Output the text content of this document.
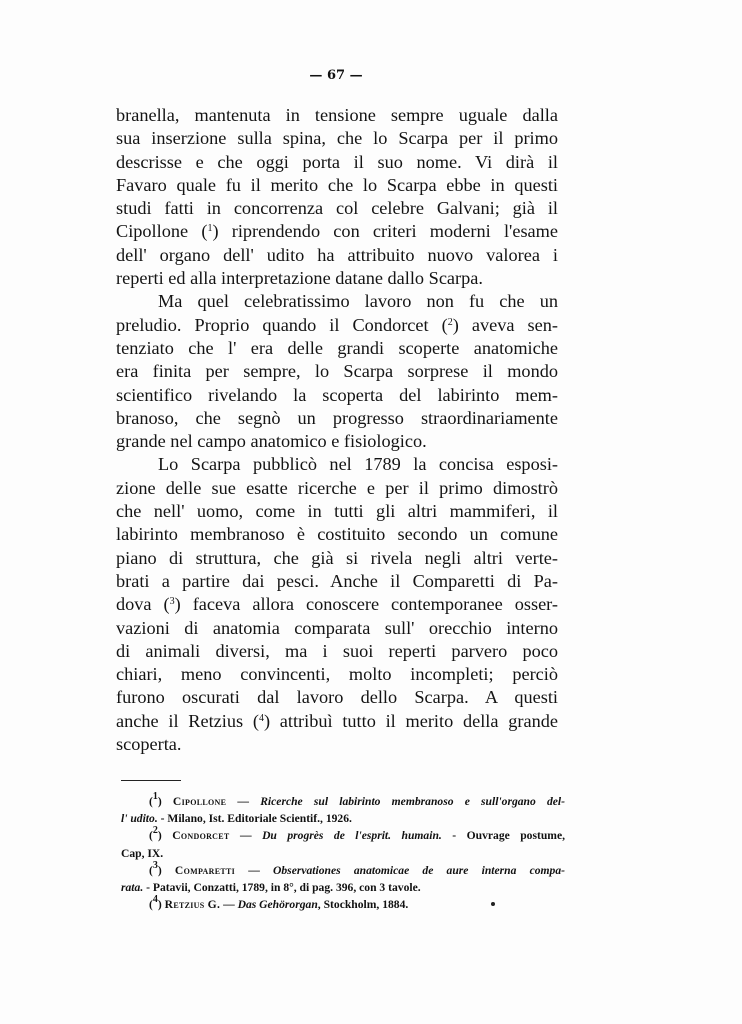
— 67 —
branella, mantenuta in tensione sempre uguale dalla
sua inserzione sulla spina, che lo Scarpa per il primo
descrisse e che oggi porta il suo nome. Vi dirà il
Favaro quale fu il merito che lo Scarpa ebbe in questi
studi fatti in concorrenza col celebre Galvani; già il
Cipollone ($^1$) riprendendo con criteri moderni l'esame
dell' organo dell' udito ha attribuito nuovo valorea i
reperti ed alla interpretazione datane dallo Scarpa.
Ma quel celebratissimo lavoro non fu che un
preludio. Proprio quando il Condorcet ($^2$) aveva sen-
tenziato che l' era delle grandi scoperte anatomiche
era finita per sempre, lo Scarpa sorprese il mondo
scientifico rivelando la scoperta del labirinto mem-
branoso, che segnò un progresso straordinariamente
grande nel campo anatomico e fisiologico.
Lo Scarpa pubblicò nel 1789 la concisa esposi-
zione delle sue esatte ricerche e per il primo dimostrò
che nell' uomo, come in tutti gli altri mammiferi, il
labirinto membranoso è costituito secondo un comune
piano di struttura, che già si rivela negli altri verte-
brati a partire dai pesci. Anche il Comparetti di Pa-
dova ($^3$) faceva allora conoscere contemporanee osser-
vazioni di anatomia comparata sull' orecchio interno
di animali diversi, ma i suoi reperti parvero poco
chiari, meno convincenti, molto incompleti; perciò
furono oscurati dal lavoro dello Scarpa. A questi
anche il Retzius ($^4$) attribuì tutto il merito della grande
scoperta.
($^1$) Cipollone — Ricerche sul labirinto membranoso e sull'organo del-
l' udito. - Milano, Ist. Editoriale Scientif., 1926.
($^2$) Condorcet — Du progrès de l'esprit. humain. - Ouvrage postume,
Cap, IX.
($^3$) Comparetti — Observationes anatomicae de aure interna compa-
rata. - Patavii, Conzatti, 1789, in 8°, di pag. 396, con 3 tavole.
($^4$) Retzius G. — Das Gehörorgan, Stockholm, 1884.
